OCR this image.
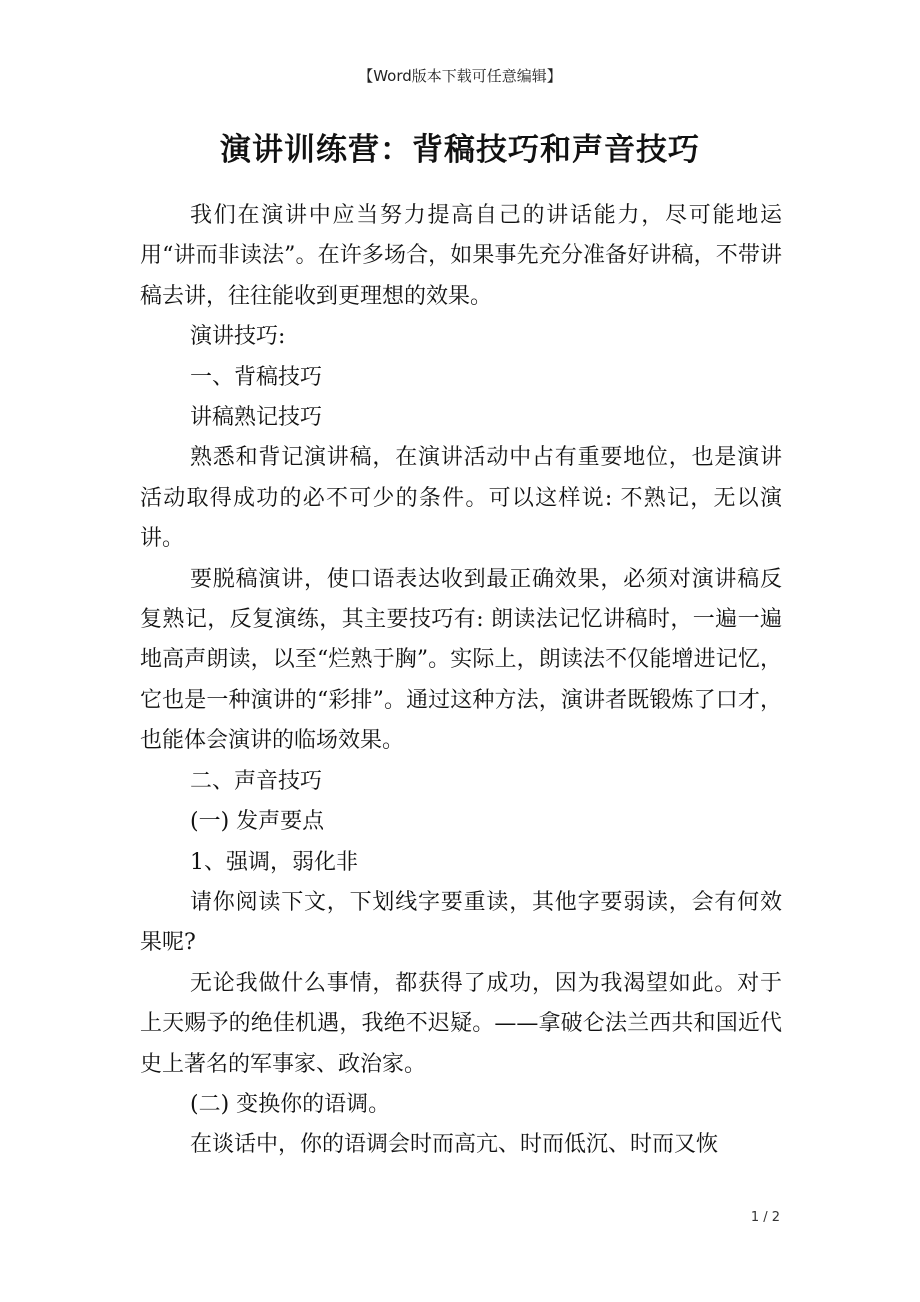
【Word版本下载可任意编辑】
演讲训练营：背稿技巧和声音技巧

我们在演讲中应当努力提高自己的讲话能力，尽可能地运用“讲而非读法”。在许多场合，如果事先充分准备好讲稿，不带讲稿去讲，往往能收到更理想的效果。

演讲技巧:

一、背稿技巧

讲稿熟记技巧

熟悉和背记演讲稿，在演讲活动中占有重要地位，也是演讲活动取得成功的必不可少的条件。可以这样说: 不熟记，无以演讲。

要脱稿演讲，使口语表达收到最正确效果，必须对演讲稿反复熟记，反复演练，其主要技巧有: 朗读法记忆讲稿时，一遍一遍地高声朗读，以至“烂熟于胸”。实际上，朗读法不仅能增进记忆，它也是一种演讲的“彩排”。通过这种方法，演讲者既锻炼了口才，也能体会演讲的临场效果。

二、声音技巧

(一) 发声要点

1、强调，弱化非

请你阅读下文，下划线字要重读，其他字要弱读，会有何效果呢?

无论我做什么事情，都获得了成功，因为我渴望如此。对于上天赐予的绝佳机遇，我绝不迟疑。——拿破仑法兰西共和国近代史上著名的军事家、政治家。

(二) 变换你的语调。

在谈话中，你的语调会时而高亢、时而低沉、时而又恢

1 / 2
